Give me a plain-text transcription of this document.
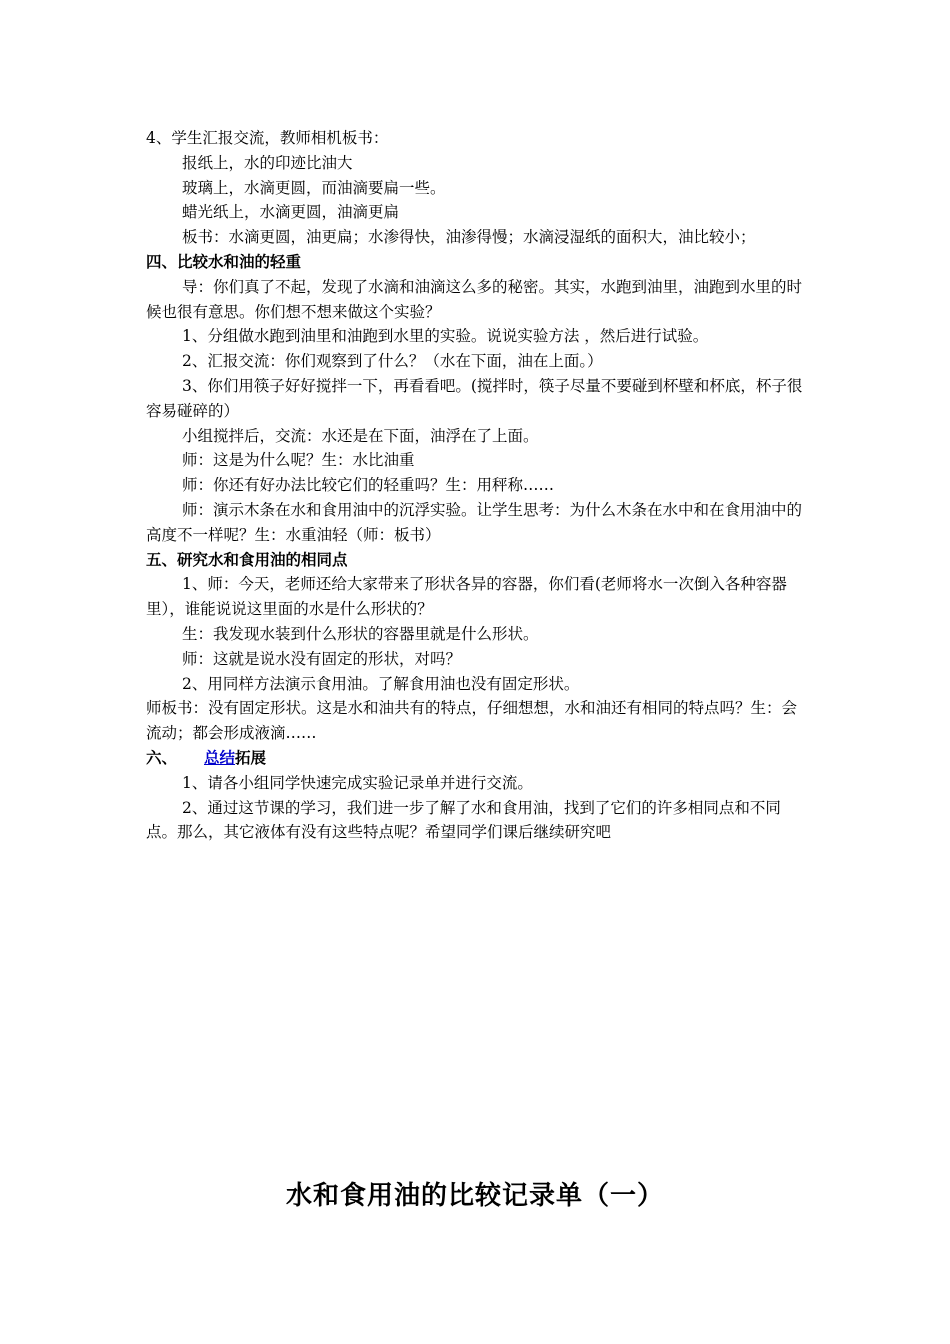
4、学生汇报交流，教师相机板书：

报纸上，水的印迹比油大

玻璃上，水滴更圆，而油滴要扁一些。

蜡光纸上，水滴更圆，油滴更扁

板书：水滴更圆，油更扁；水渗得快，油渗得慢；水滴浸湿纸的面积大，油比较小；

四、比较水和油的轻重

导：你们真了不起，发现了水滴和油滴这么多的秘密。其实，水跑到油里，油跑到水里的时候也很有意思。你们想不想来做这个实验？

1、分组做水跑到油里和油跑到水里的实验。说说实验方法 ，然后进行试验。

2、汇报交流：你们观察到了什么？（水在下面，油在上面。）

3、你们用筷子好好搅拌一下，再看看吧。(搅拌时，筷子尽量不要碰到杯壁和杯底，杯子很容易碰碎的）

小组搅拌后，交流：水还是在下面，油浮在了上面。

师：这是为什么呢？生：水比油重

师：你还有好办法比较它们的轻重吗？生：用秤称……

师：演示木条在水和食用油中的沉浮实验。让学生思考：为什么木条在水中和在食用油中的高度不一样呢？生：水重油轻（师：板书）

五、研究水和食用油的相同点

1、师：今天，老师还给大家带来了形状各异的容器，你们看(老师将水一次倒入各种容器里），谁能说说这里面的水是什么形状的？

生：我发现水装到什么形状的容器里就是什么形状。

师：这就是说水没有固定的形状，对吗？

2、用同样方法演示食用油。了解食用油也没有固定形状。

师板书：没有固定形状。这是水和油共有的特点，仔细想想，水和油还有相同的特点吗？生：会流动；都会形成液滴……

六、 总结拓展

1、请各小组同学快速完成实验记录单并进行交流。

2、通过这节课的学习，我们进一步了解了水和食用油，找到了它们的许多相同点和不同点。那么，其它液体有没有这些特点呢？希望同学们课后继续研究吧

水和食用油的比较记录单（一）
